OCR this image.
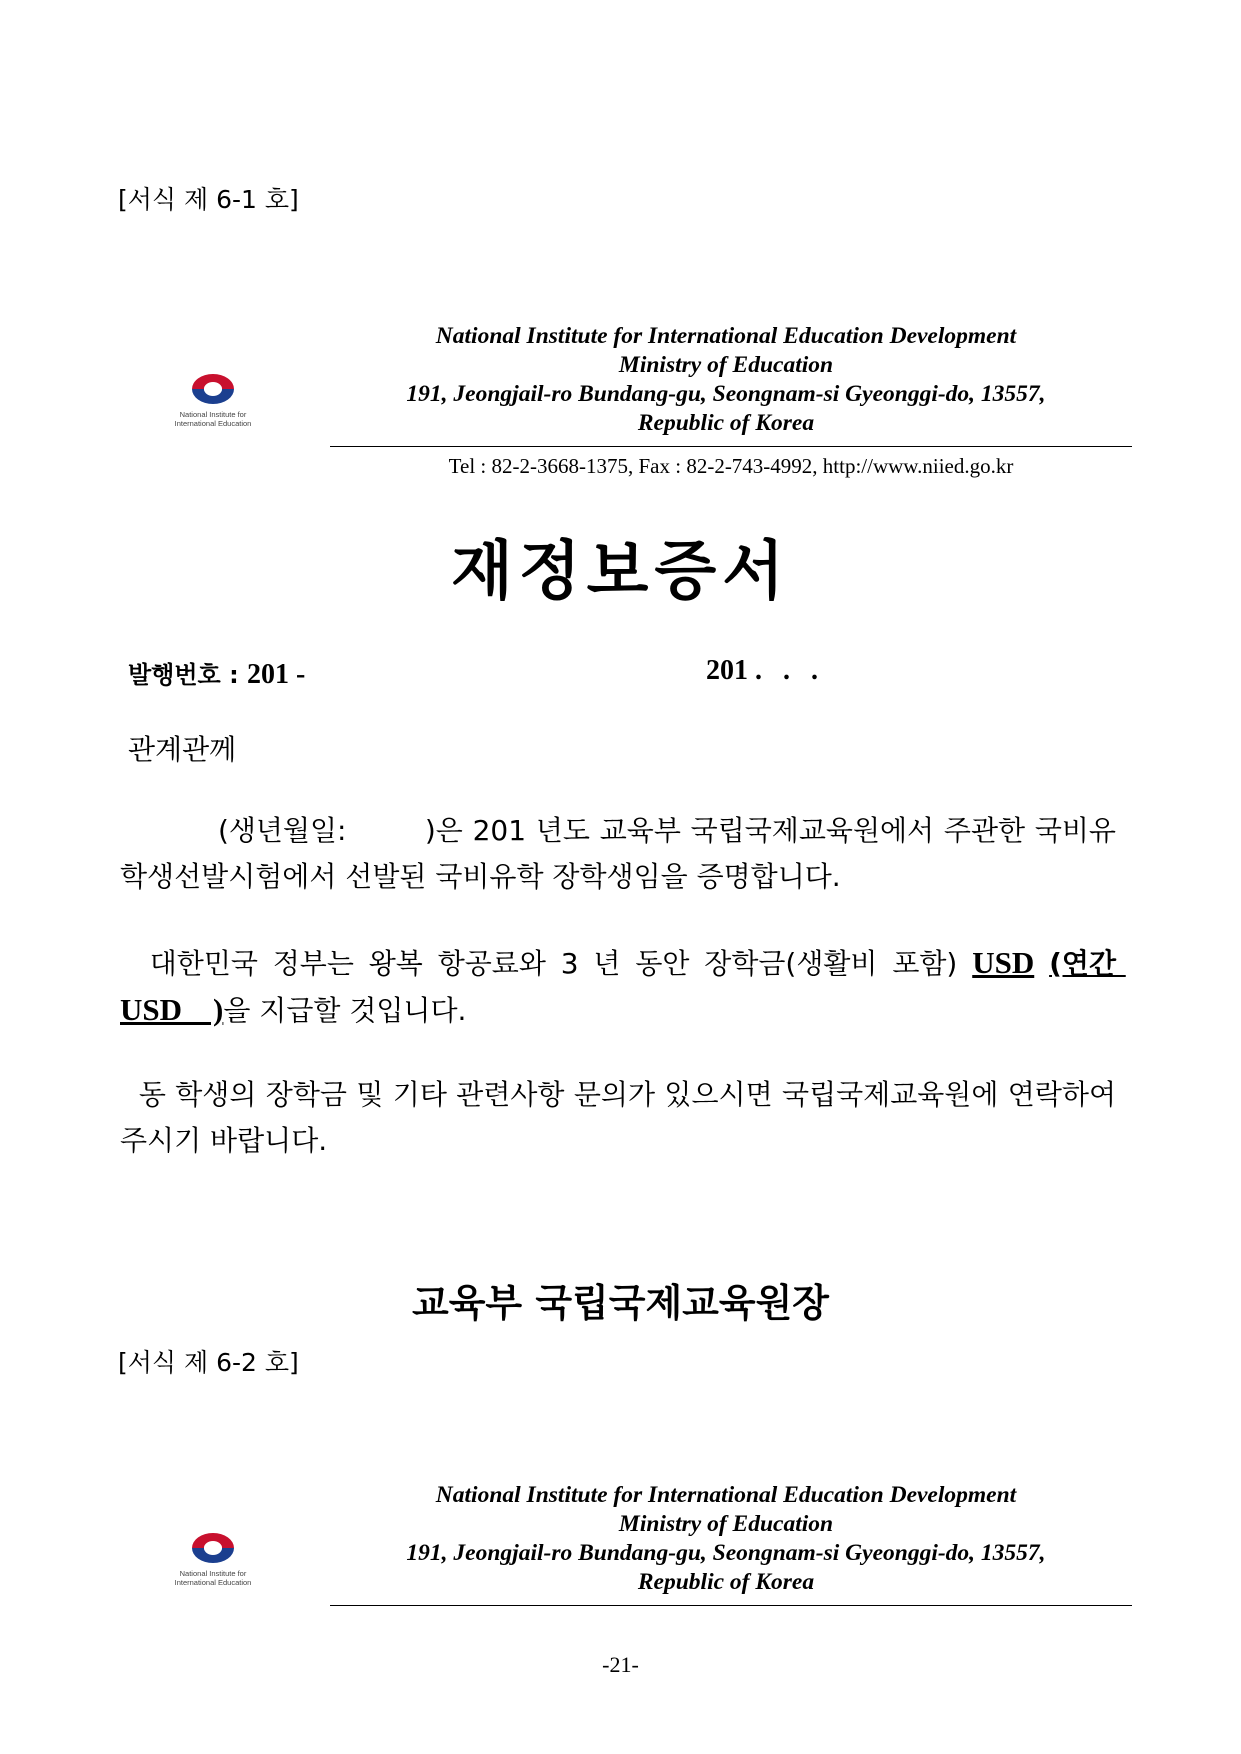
[서식 제 6-1 호]
National Institute for
International Education
National Institute for International Education Development
Ministry of Education
191, Jeongjail-ro Bundang-gu, Seongnam-si Gyeonggi-do, 13557,
Republic of Korea
Tel : 82-2-3668-1375, Fax : 82-2-743-4992, http://www.niied.go.kr
재정보증서
발행번호 : 201 -	201 .   .   .
관계관께
(생년월일:        )은 201 년도 교육부 국립국제교육원에서 주관한 국비유학생선발시험에서 선발된 국비유학 장학생임을 증명합니다.
대한민국 정부는 왕복 항공료와 3 년 동안 장학금(생활비 포함) USD (연간 USD    )을 지급할 것입니다.
동 학생의 장학금 및 기타 관련사항 문의가 있으시면 국립국제교육원에 연락하여 주시기 바랍니다.
교육부 국립국제교육원장
[서식 제 6-2 호]
National Institute for
International Education
National Institute for International Education Development
Ministry of Education
191, Jeongjail-ro Bundang-gu, Seongnam-si Gyeonggi-do, 13557,
Republic of Korea
-21-
